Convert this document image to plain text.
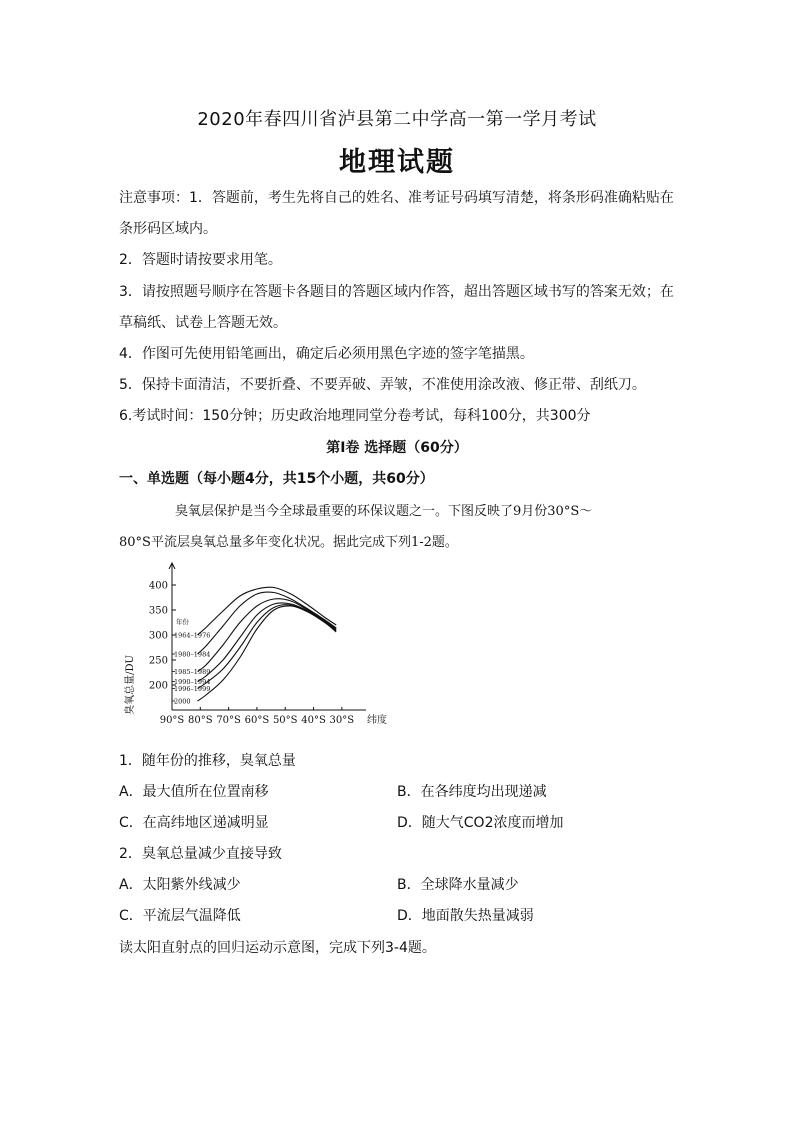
2020年春四川省泸县第二中学高一第一学月考试
地理试题
注意事项：1．答题前，考生先将自己的姓名、准考证号码填写清楚，将条形码准确粘贴在
条形码区域内。
2．答题时请按要求用笔。
3．请按照题号顺序在答题卡各题目的答题区域内作答，超出答题区域书写的答案无效；在
草稿纸、试卷上答题无效。
4．作图可先使用铅笔画出，确定后必须用黑色字迹的签字笔描黑。
5．保持卡面清洁，不要折叠、不要弄破、弄皱，不准使用涂改液、修正带、刮纸刀。
6.考试时间：150分钟；历史政治地理同堂分卷考试，每科100分，共300分
第Ⅰ卷 选择题（60分）
一、单选题（每小题4分，共15个小题，共60分）
臭氧层保护是当今全球最重要的环保议题之一。下图反映了9月份30°S～
80°S平流层臭氧总量多年变化状况。据此完成下列1-2题。
200
250
300
350
400
90°S 80°S 70°S 60°S 50°S 40°S 30°S 纬度
臭氧总量/DU
年份
1964–1976
1980–1984
1985–1989
1990–1994
1996–1999
2000
1．随年份的推移，臭氧总量
A．最大值所在位置南移	B．在各纬度均出现递减
C．在高纬地区递减明显	D．随大气CO2浓度而增加
2．臭氧总量减少直接导致
A．太阳紫外线减少	B．全球降水量减少
C．平流层气温降低	D．地面散失热量减弱
读太阳直射点的回归运动示意图，完成下列3-4题。
